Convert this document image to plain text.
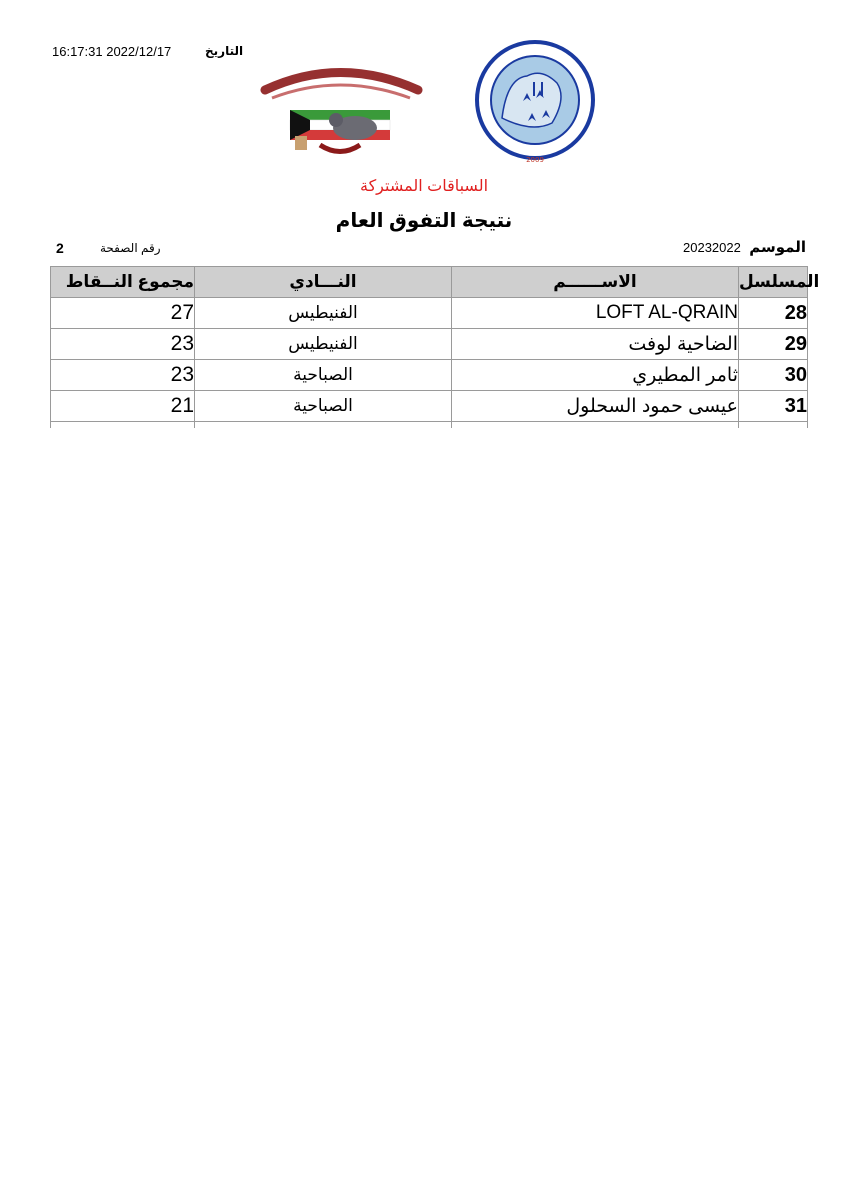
16:17:31 2022/12/17	التاريخ
2009
السباقات المشتركة
نتيجة التفوق العام
الموسم
20232022
رقم الصفحة
2
مجموع النــقاط	النـــادي	الاســــــم	المسلسل
27	الفنيطيس	LOFT AL-QRAIN	28
23	الفنيطيس	الضاحية لوفت	29
23	الصباحية	ثامر المطيري	30
21	الصباحية	عيسى حمود السحلول	31
